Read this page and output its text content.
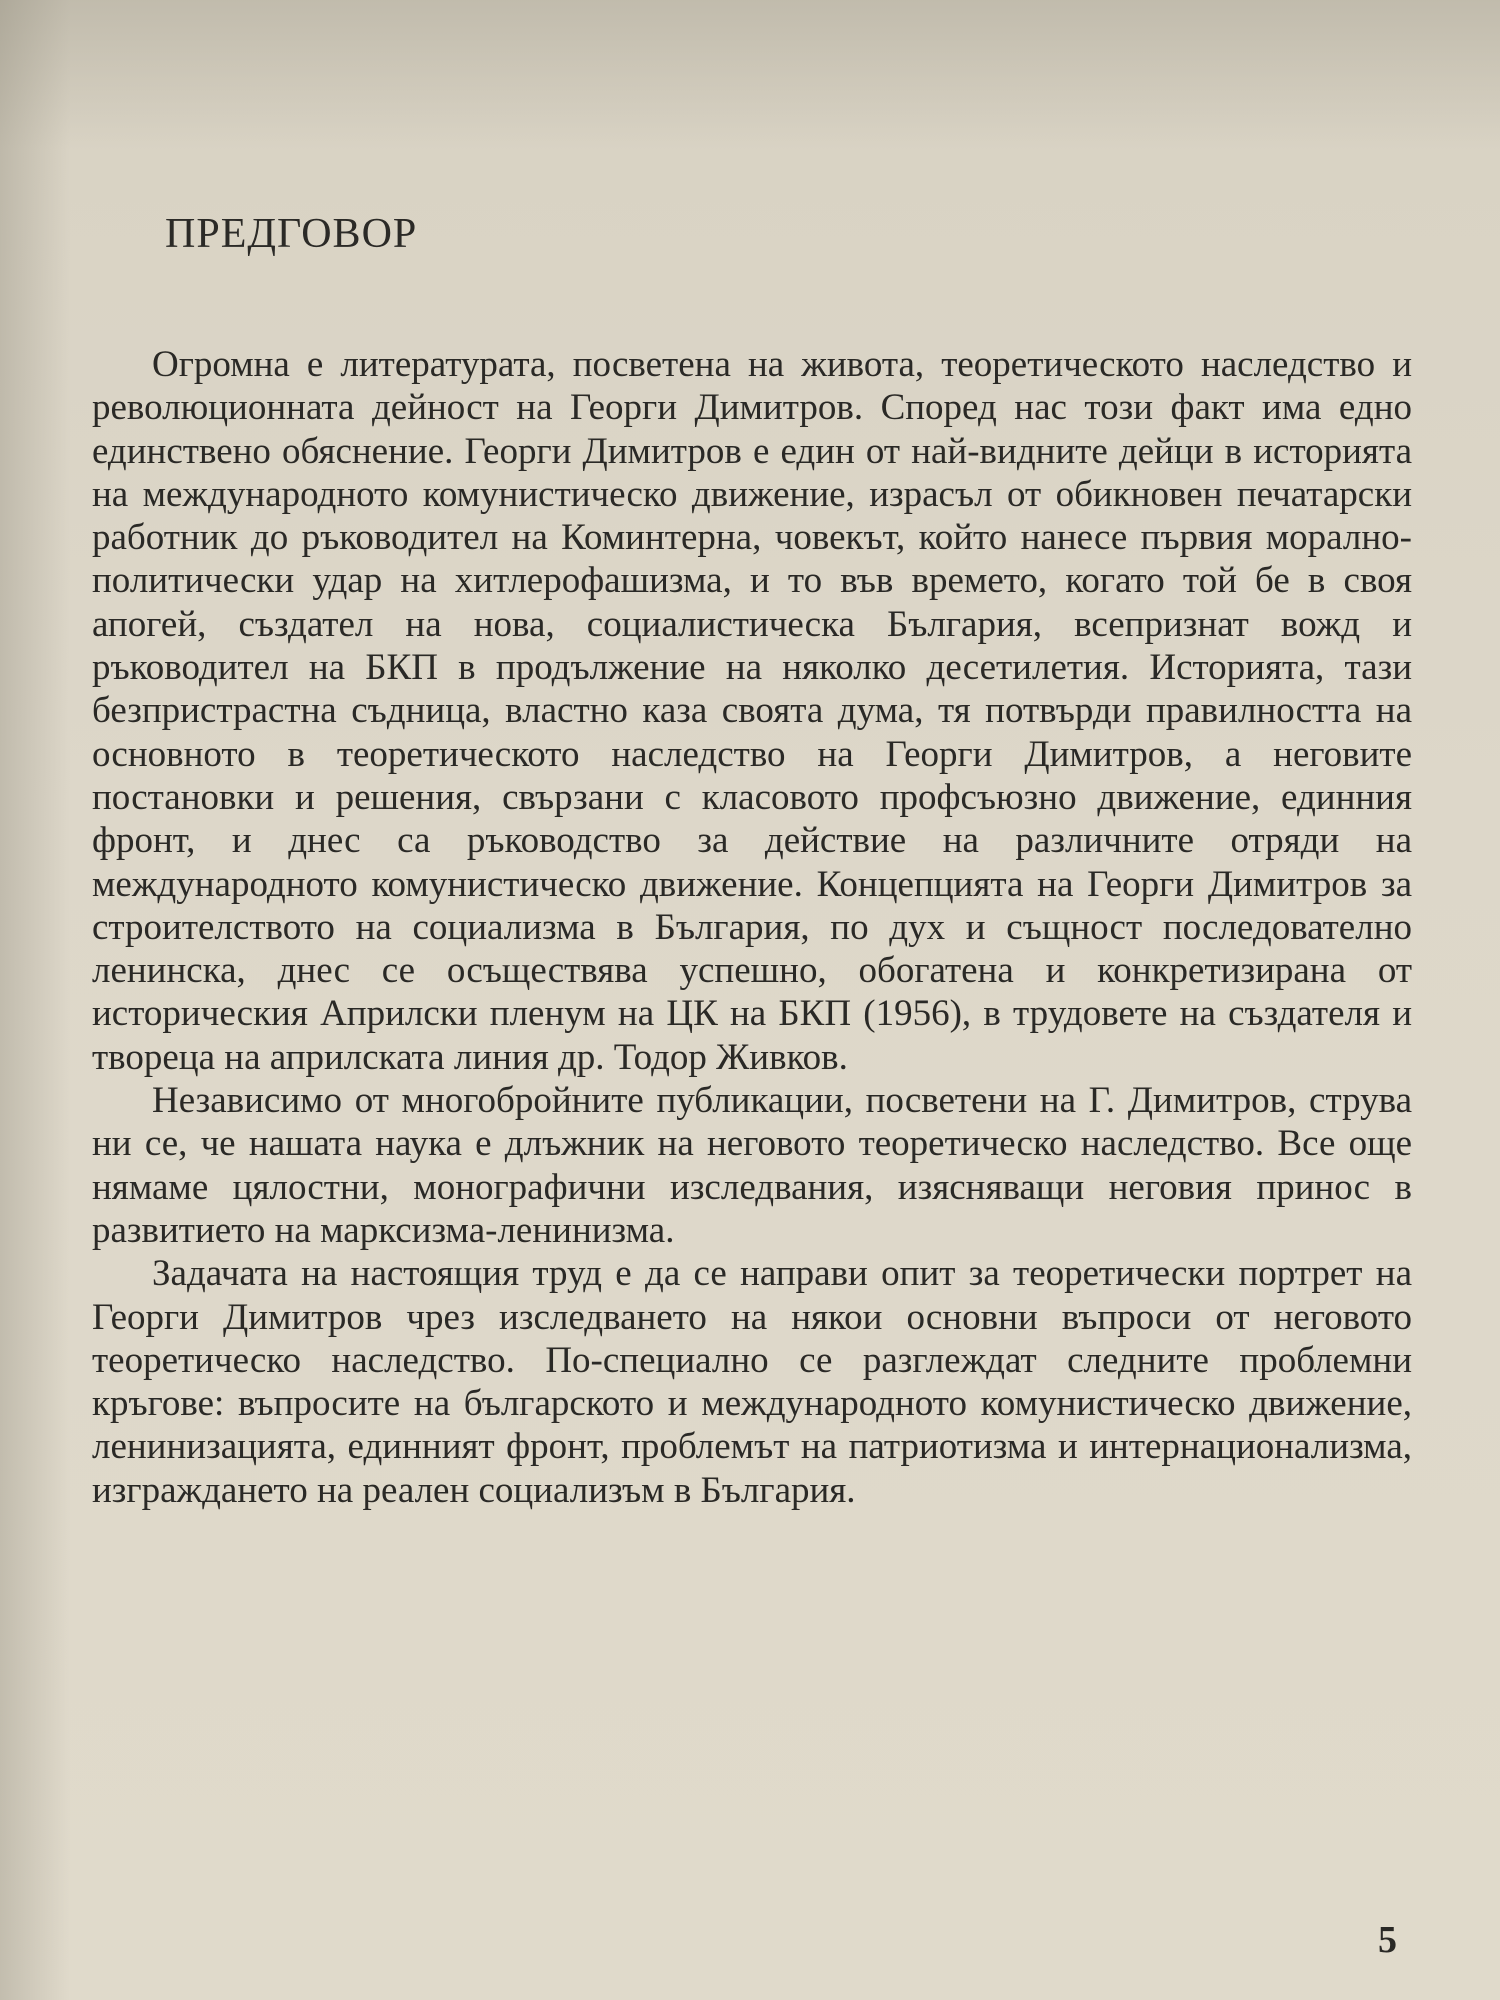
ПРЕДГОВОР

Огромна е литературата, посветена на живота, теоретическото наследство и революционната дейност на Георги Димитров. Според нас този факт има едно единствено обяснение. Георги Димитров е един от най-видните дейци в историята на международното комунистическо движение, израсъл от обикновен печатарски работник до ръководител на Коминтерна, човекът, който нанесе първия морално-политически удар на хитлерофашизма, и то във времето, когато той бе в своя апогей, създател на нова, социалистическа България, всепризнат вожд и ръководител на БКП в продължение на няколко десетилетия. Историята, тази безпристрастна съдница, властно каза своята дума, тя потвърди правилността на основното в теоретическото наследство на Георги Димитров, а неговите постановки и решения, свързани с класовото профсъюзно движение, единния фронт, и днес са ръководство за действие на различните отряди на международното комунистическо движение. Концепцията на Георги Димитров за строителството на социализма в България, по дух и същност последователно ленинска, днес се осъществява успешно, обогатена и конкретизирана от историческия Априлски пленум на ЦК на БКП (1956), в трудовете на създателя и твореца на априлската линия др. Тодор Живков.

Независимо от многобройните публикации, посветени на Г. Димитров, струва ни се, че нашата наука е длъжник на неговото теоретическо наследство. Все още нямаме цялостни, монографични изследвания, изясняващи неговия принос в развитието на марксизма-ленинизма.

Задачата на настоящия труд е да се направи опит за теоретически портрет на Георги Димитров чрез изследването на някои основни въпроси от неговото теоретическо наследство. По-специално се разглеждат следните проблемни кръгове: въпросите на българското и международното комунистическо движение, ленинизацията, единният фронт, проблемът на патриотизма и интернационализма, изграждането на реален социализъм в България.

5
